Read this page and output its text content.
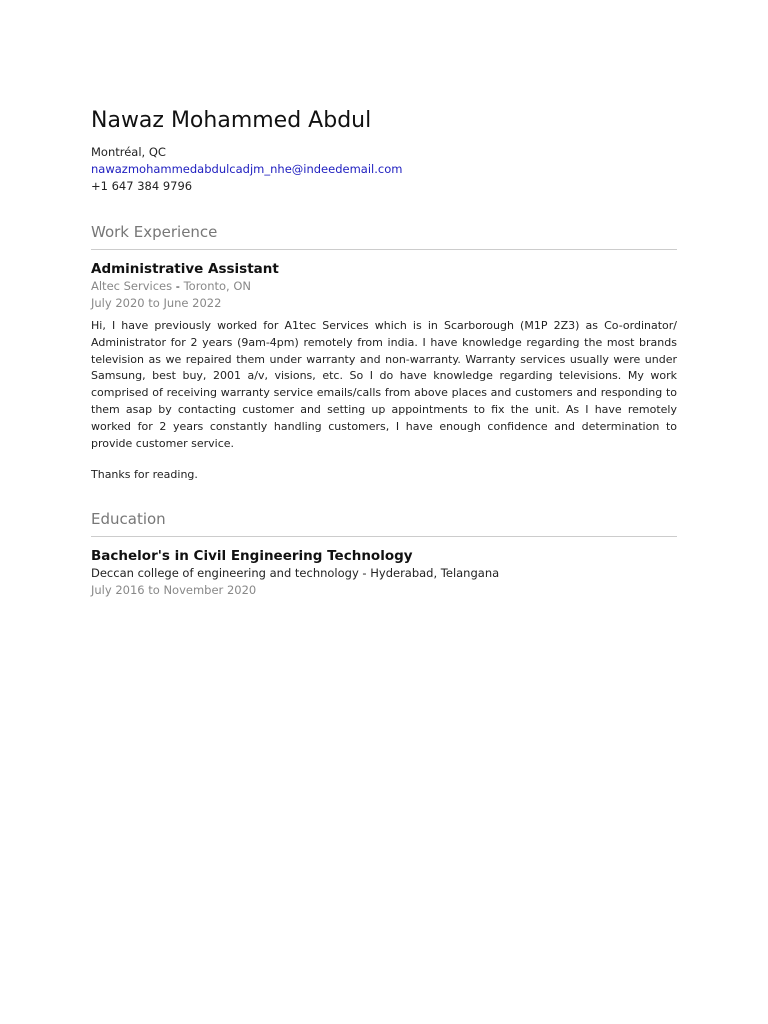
Nawaz Mohammed Abdul
Montréal, QC
nawazmohammedabdulcadjm_nhe@indeedemail.com
+1 647 384 9796
Work Experience
Administrative Assistant
Altec Services - Toronto, ON
July 2020 to June 2022
Hi, I have previously worked for A1tec Services which is in Scarborough (M1P 2Z3) as Co-ordinator/ Administrator for 2 years (9am-4pm) remotely from india. I have knowledge regarding the most brands television as we repaired them under warranty and non-warranty. Warranty services usually were under Samsung, best buy, 2001 a/v, visions, etc. So I do have knowledge regarding televisions. My work comprised of receiving warranty service emails/calls from above places and customers and responding to them asap by contacting customer and setting up appointments to fix the unit. As I have remotely worked for 2 years constantly handling customers, I have enough confidence and determination to provide customer service.
Thanks for reading.
Education
Bachelor's in Civil Engineering Technology
Deccan college of engineering and technology - Hyderabad, Telangana
July 2016 to November 2020
